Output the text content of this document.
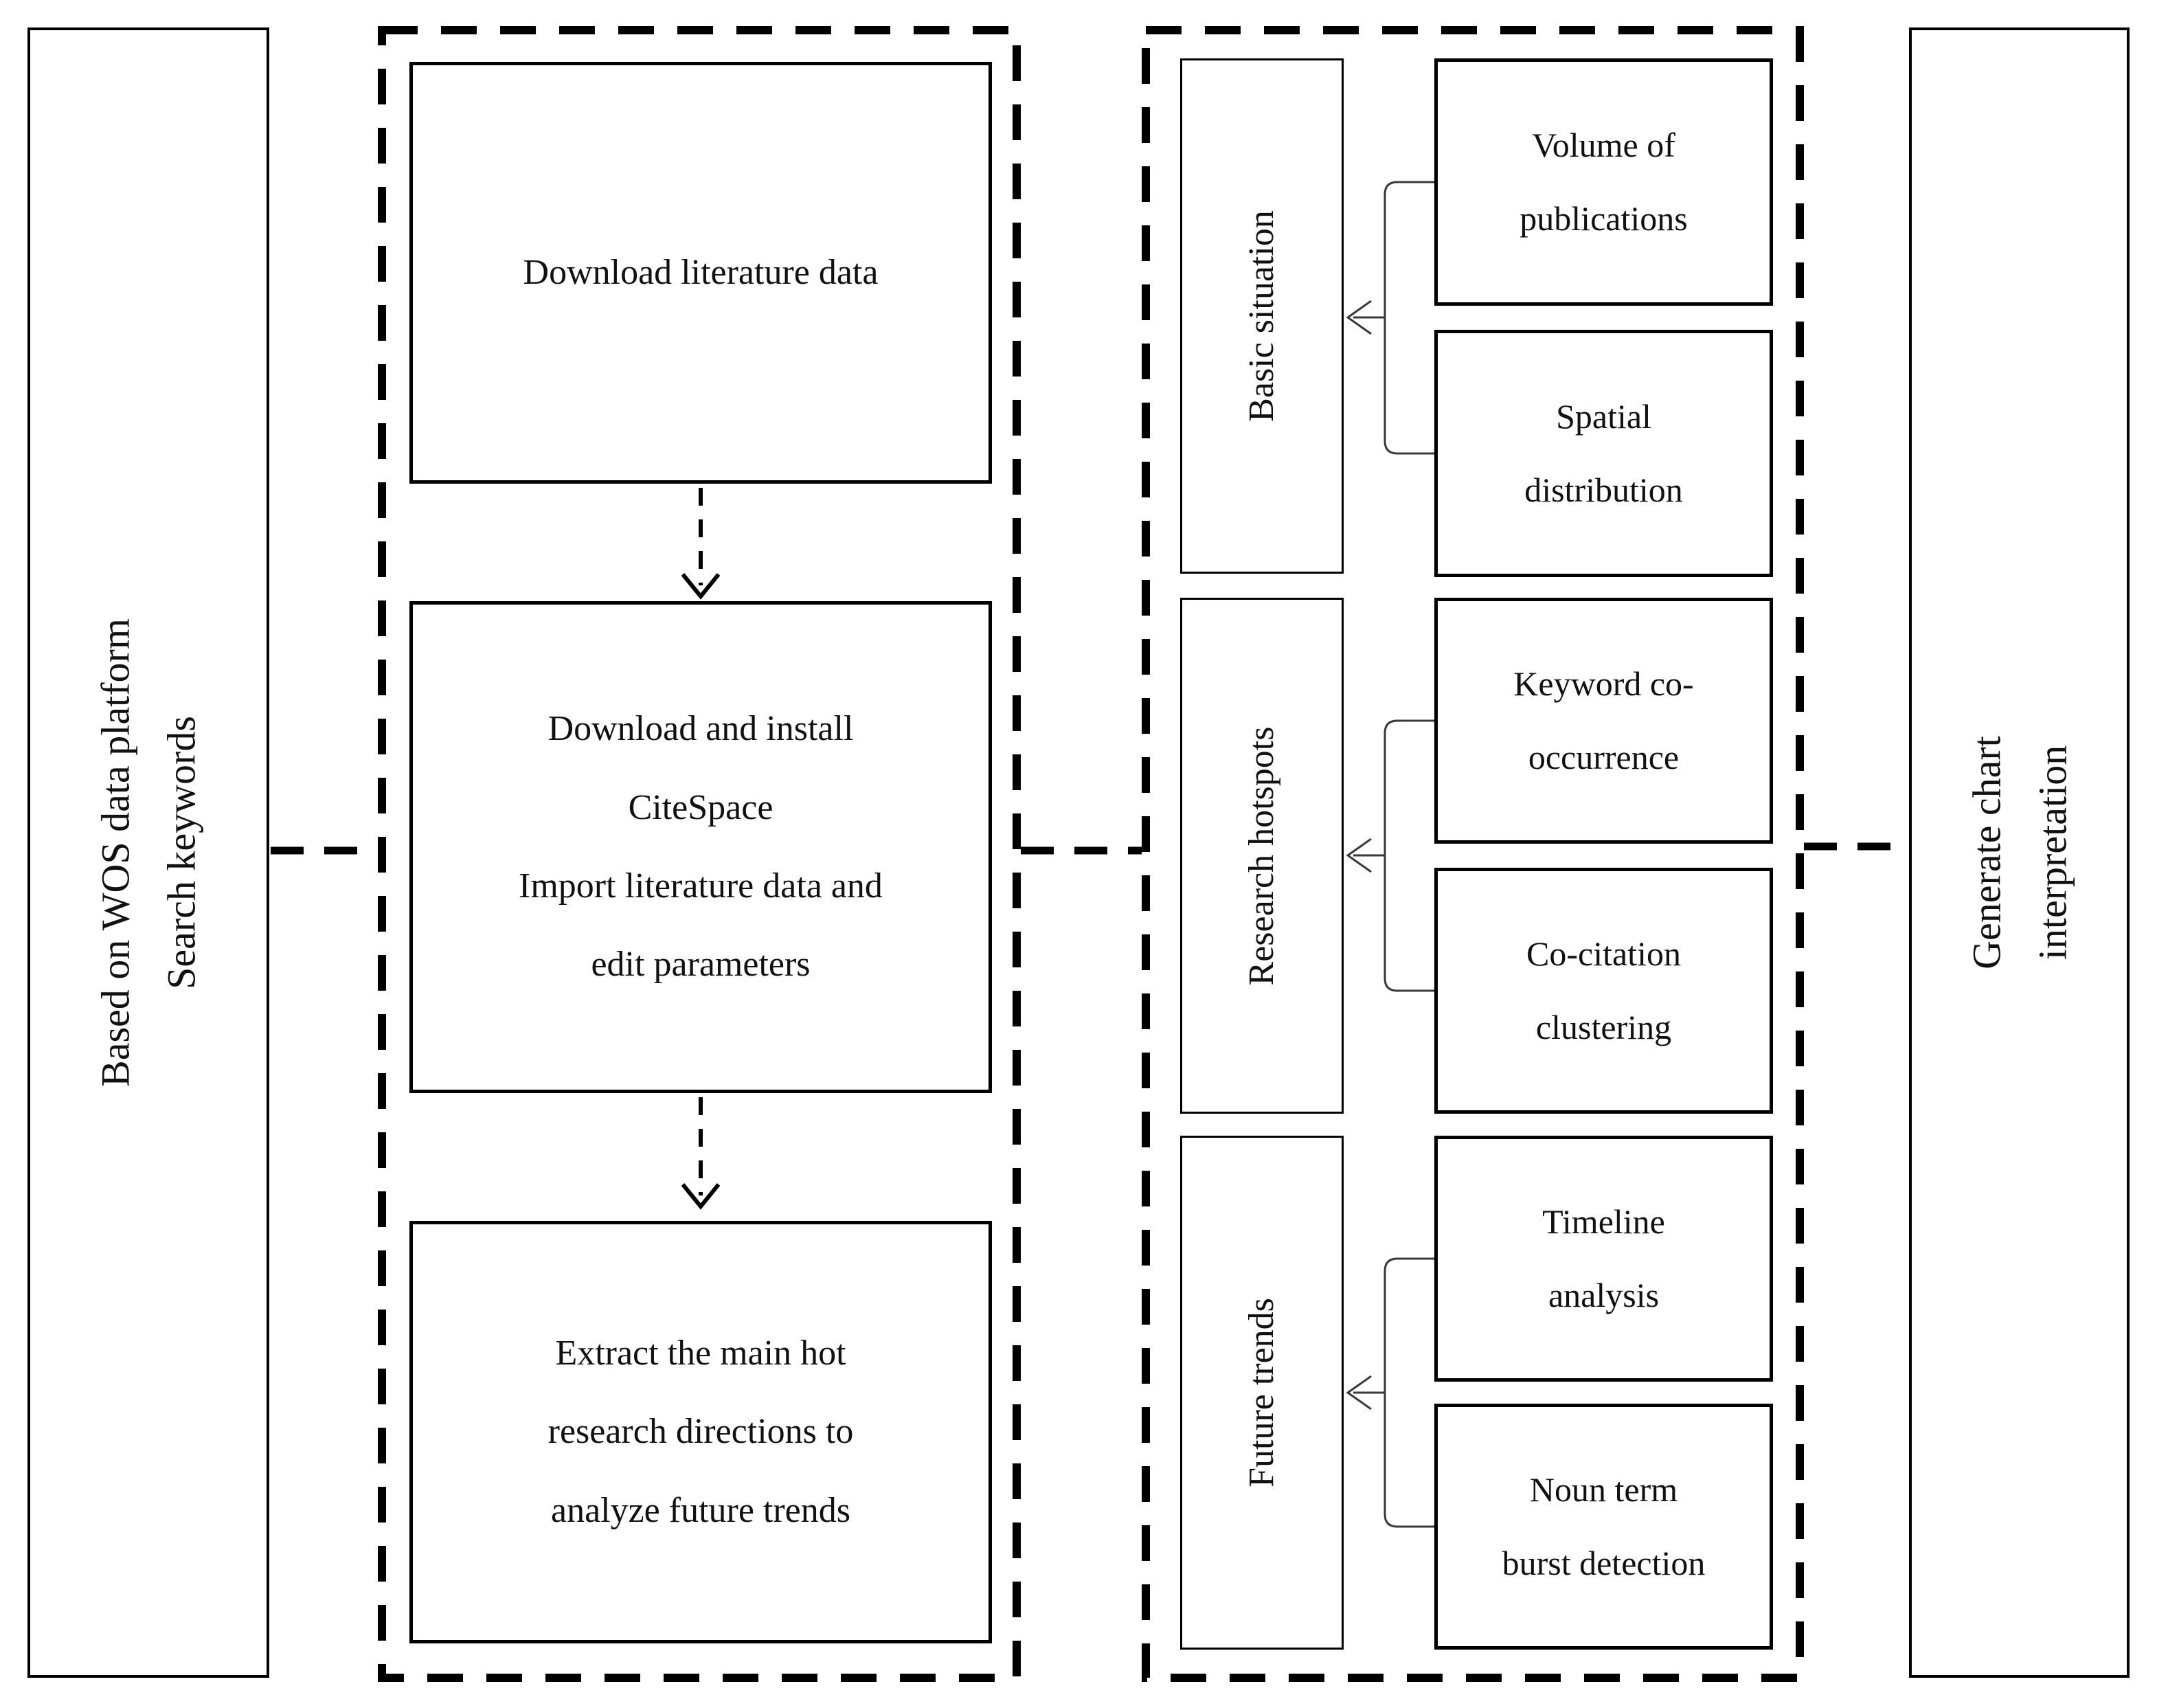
Based on WOS data platform Search keywords
Download literature data
Download and install
CiteSpace
Import literature data and
edit parameters
Extract the main hot
research directions to
analyze future trends
Basic situation
Research hotspots
Future trends
Volume of
publications
Spatial
distribution
Keyword co-
occurrence
Co-citation
clustering
Timeline
analysis
Noun term
burst detection
Generate chart interpretation
